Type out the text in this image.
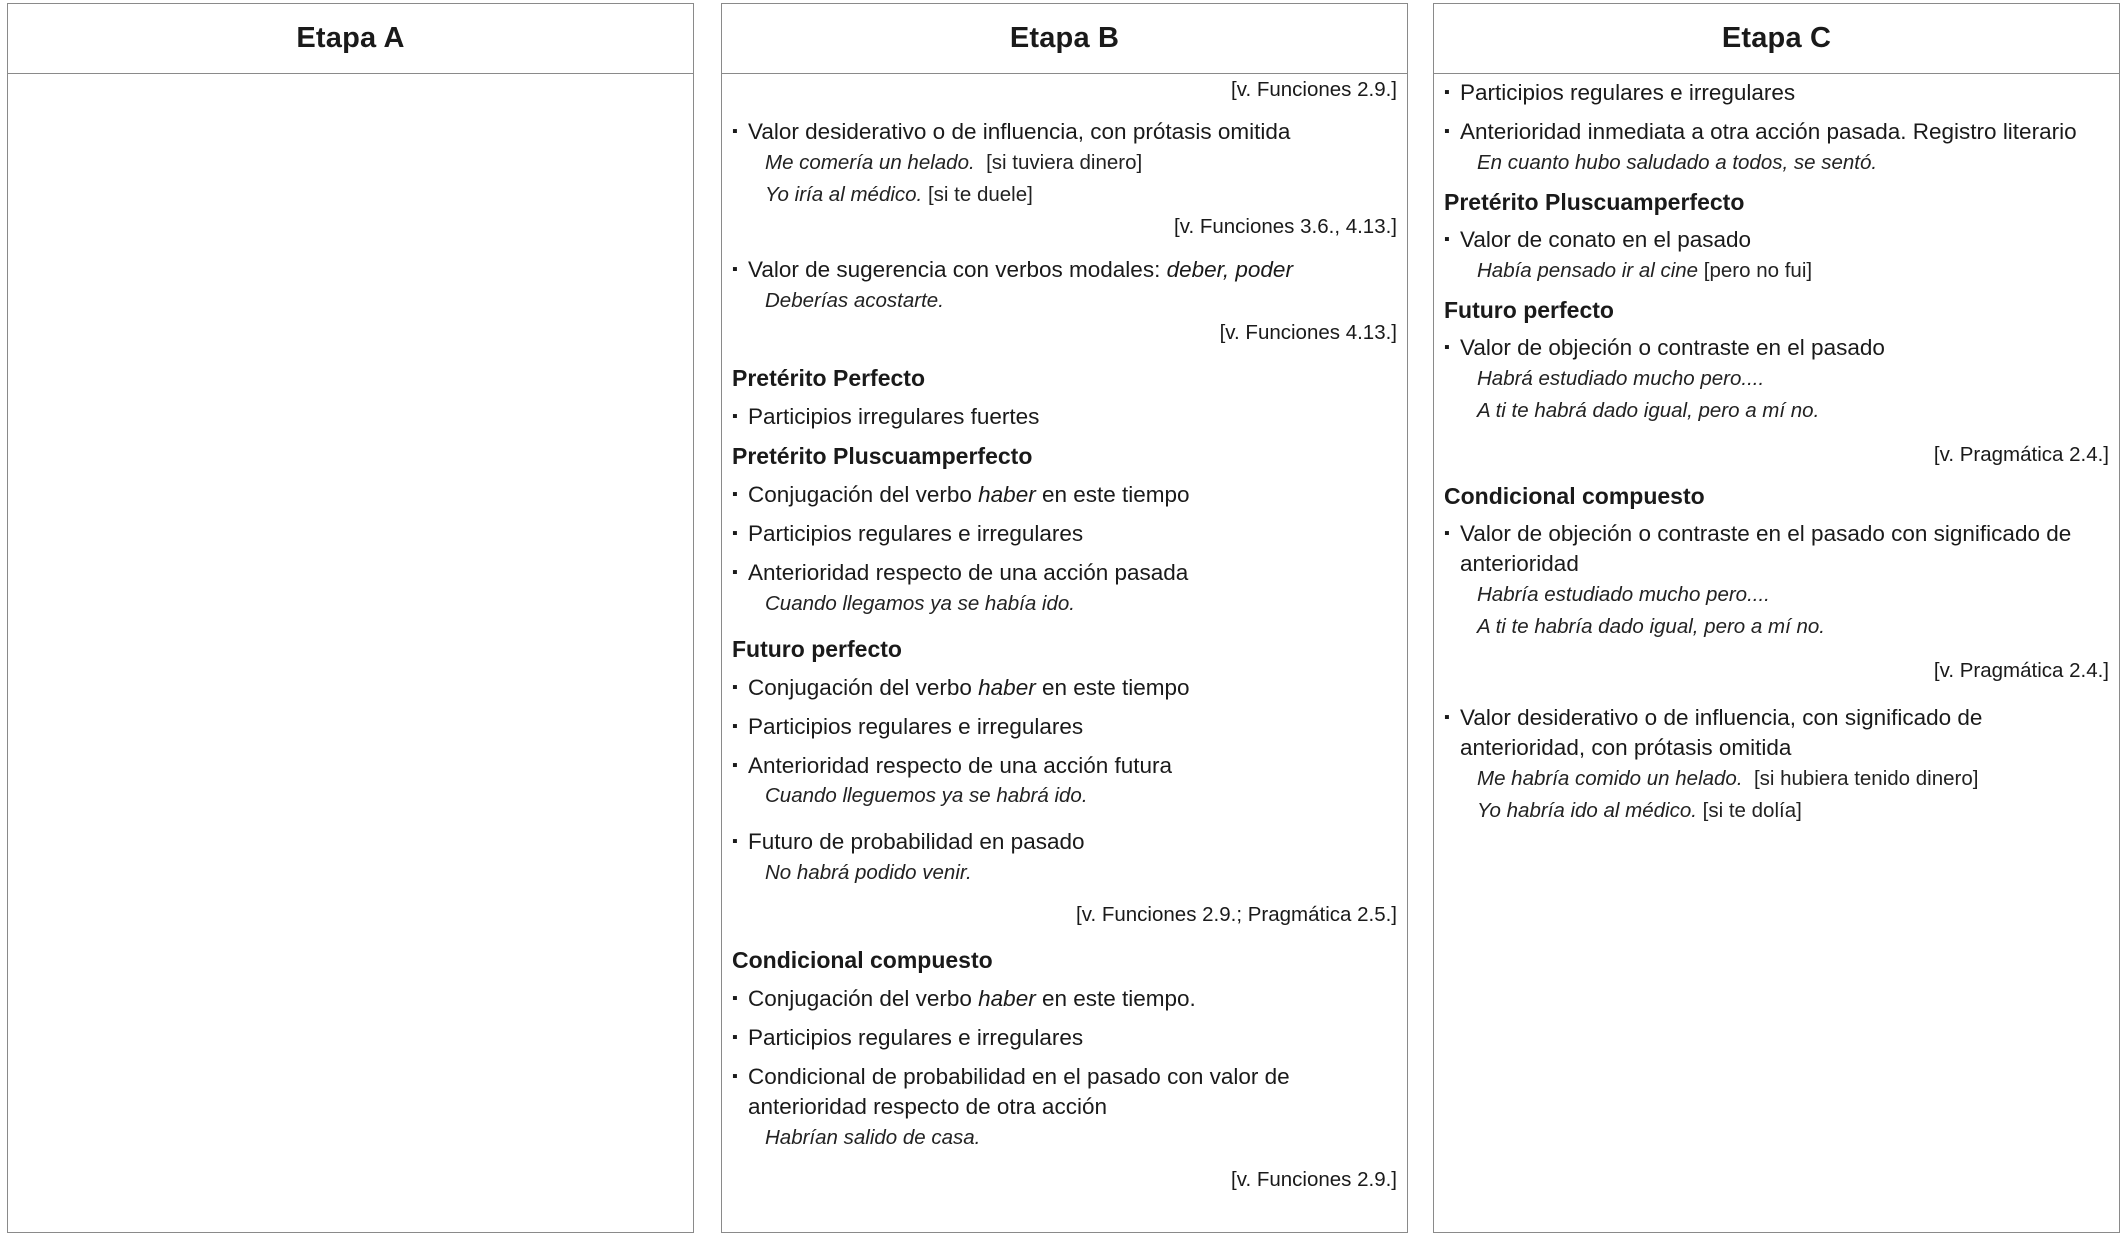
Etapa A	Etapa B
[v. Funciones 2.9.]
▪ Valor desiderativo o de influencia, con prótasis omitida
Me comería un helado. [si tuviera dinero]
Yo iría al médico. [si te duele]
[v. Funciones 3.6., 4.13.]
▪ Valor de sugerencia con verbos modales: deber, poder
Deberías acostarte.
[v. Funciones 4.13.]
Pretérito Perfecto
▪ Participios irregulares fuertes
Pretérito Pluscuamperfecto
▪ Conjugación del verbo haber en este tiempo
▪ Participios regulares e irregulares
▪ Anterioridad respecto de una acción pasada
Cuando llegamos ya se había ido.
Futuro perfecto
▪ Conjugación del verbo haber en este tiempo
▪ Participios regulares e irregulares
▪ Anterioridad respecto de una acción futura
Cuando lleguemos ya se habrá ido.
▪ Futuro de probabilidad en pasado
No habrá podido venir.
[v. Funciones 2.9.; Pragmática 2.5.]
Condicional compuesto
▪ Conjugación del verbo haber en este tiempo.
▪ Participios regulares e irregulares
▪ Condicional de probabilidad en el pasado con valor de anterioridad respecto de otra acción
Habrían salido de casa.
[v. Funciones 2.9.]
Etapa C
▪ Participios regulares e irregulares
▪ Anterioridad inmediata a otra acción pasada. Registro literario
En cuanto hubo saludado a todos, se sentó.
Pretérito Pluscuamperfecto
▪ Valor de conato en el pasado
Había pensado ir al cine [pero no fui]
Futuro perfecto
▪ Valor de objeción o contraste en el pasado
Habrá estudiado mucho pero....
A ti te habrá dado igual, pero a mí no.
[v. Pragmática 2.4.]
Condicional compuesto
▪ Valor de objeción o contraste en el pasado con significado de anterioridad
Habría estudiado mucho pero....
A ti te habría dado igual, pero a mí no.
[v. Pragmática 2.4.]
▪ Valor desiderativo o de influencia, con significado de anterioridad, con prótasis omitida
Me habría comido un helado. [si hubiera tenido dinero]
Yo habría ido al médico. [si te dolía]
